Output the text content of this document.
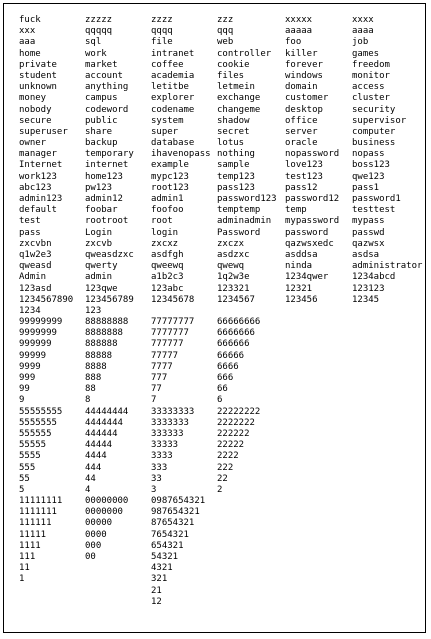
fuck
xxx
aaa
home
private
student
unknown
money
nobody
secure
superuser
owner
manager
Internet
work123
abc123
admin123
default
test
pass
zxcvbn
q1w2e3
qweasd
Admin
123asd
1234567890
1234
99999999
9999999
999999
99999
9999
999
99
9
55555555
5555555
555555
55555
5555
555
55
5
11111111
1111111
111111
11111
1111
111
11
1
zzzzz
qqqqq
sql
work
market
account
anything
campus
codeword
public
share
backup
temporary
internet
home123
pw123
admin12
foobar
rootroot
Login
zxcvb
qweasdzxc
qwerty
admin
123qwe
123456789
123
88888888
8888888
888888
88888
8888
888
88
8
44444444
4444444
444444
44444
4444
444
44
4
00000000
0000000
00000
0000
000
00
zzzz
qqqq
file
intranet
coffee
academia
letitbe
explorer
codename
system
super
database
ihavenopass
example
mypc123
root123
admin1
foofoo
root
login
zxcxz
asdfgh
qweewq
a1b2c3
123abc
12345678
77777777
7777777
777777
77777
7777
777
77
7
33333333
3333333
333333
33333
3333
333
33
3
0987654321
987654321
87654321
7654321
654321
54321
4321
321
21
12
zzz
qqq
web
controller
cookie
files
letmein
exchange
changeme
shadow
secret
lotus
nothing
sample
temp123
pass123
password123
temptemp
adminadmin
Password
zxczx
asdzxc
qwewq
1q2w3e
123321
1234567
66666666
6666666
666666
66666
6666
666
66
6
22222222
2222222
222222
22222
2222
222
22
2
xxxxx
aaaaa
foo
killer
forever
windows
domain
customer
desktop
office
server
oracle
nopassword
love123
test123
pass12
password12
temp
mypassword
password
qazwsxedc
asddsa
ninda
1234qwer
12321
123456
xxxx
aaaa
job
games
freedom
monitor
access
cluster
security
supervisor
computer
business
nopass
boss123
qwe123
pass1
password1
testtest
mypass
passwd
qazwsx
asdsa
administrator
1234abcd
123123
12345
